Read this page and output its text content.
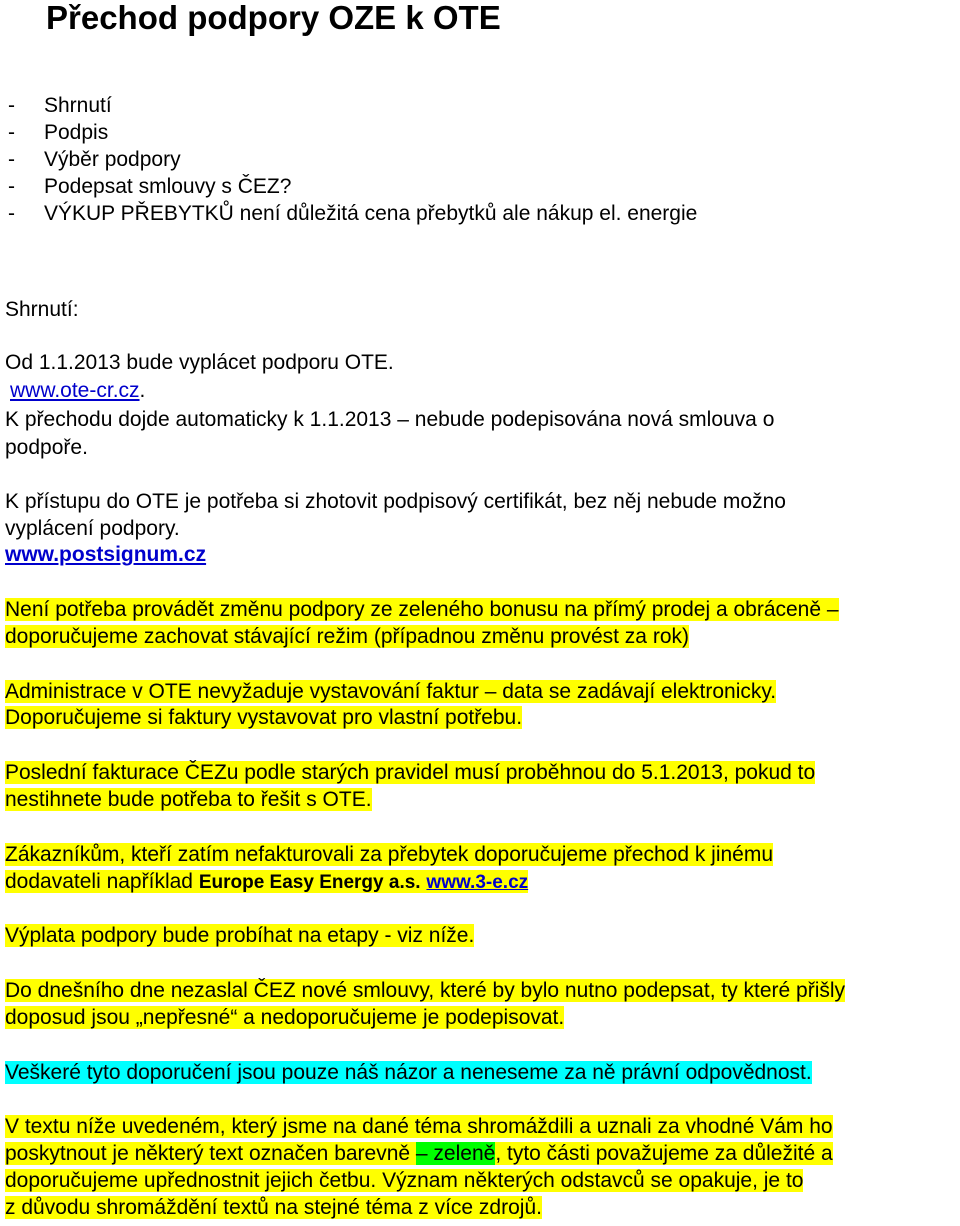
Přechod podpory OZE k OTE
- Shrnutí
- Podpis
- Výběr podpory
- Podepsat smlouvy s ČEZ?
- VÝKUP PŘEBYTKŮ není důležitá cena přebytků ale nákup el. energie

Shrnutí:

Od 1.1.2013 bude vyplácet podporu OTE.

www.ote-cr.cz.

K přechodu dojde automaticky k 1.1.2013 – nebude podepisována nová smlouva o

podpoře.

K přístupu do OTE je potřeba si zhotovit podpisový certifikát, bez něj nebude možno

vyplácení podpory.

www.postsignum.cz

Není potřeba provádět změnu podpory ze zeleného bonusu na přímý prodej a obráceně –

doporučujeme zachovat stávající režim (případnou změnu provést za rok)

Administrace v OTE nevyžaduje vystavování faktur – data se zadávají elektronicky.

Doporučujeme si faktury vystavovat pro vlastní potřebu.

Poslední fakturace ČEZu podle starých pravidel musí proběhnou do 5.1.2013, pokud to

nestihnete bude potřeba to řešit s OTE.

Zákazníkům, kteří zatím nefakturovali za přebytek doporučujeme přechod k jinému

dodavateli například Europe Easy Energy a.s. www.3-e.cz

Výplata podpory bude probíhat na etapy - viz níže.

Do dnešního dne nezaslal ČEZ nové smlouvy, které by bylo nutno podepsat, ty které přišly

doposud jsou „nepřesné“ a nedoporučujeme je podepisovat.

Veškeré tyto doporučení jsou pouze náš názor a neneseme za ně právní odpovědnost.

V textu níže uvedeném, který jsme na dané téma shromáždili a uznali za vhodné Vám ho

poskytnout je některý text označen barevně – zeleně, tyto části považujeme za důležité a

doporučujeme upřednostnit jejich četbu. Význam některých odstavců se opakuje, je to

z důvodu shromáždění textů na stejné téma z více zdrojů.
